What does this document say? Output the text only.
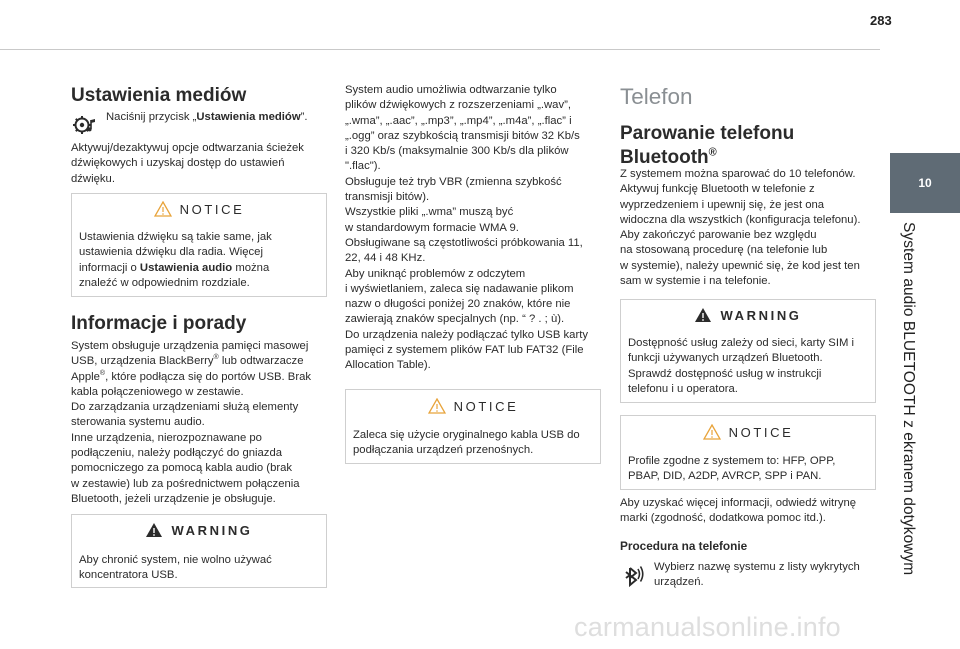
283
10
System audio BLUETOOTH z ekranem dotykowym
Ustawienia mediów

Naciśnij przycisk „Ustawienia mediów”.

Aktywuj/dezaktywuj opcje odtwarzania ścieżek
dźwiękowych i uzyskaj dostęp do ustawień
dźwięku.

NOTICE

Ustawienia dźwięku są takie same, jak
ustawienia dźwięku dla radia. Więcej
informacji o Ustawienia audio można
znaleźć w odpowiednim rozdziale.

Informacje i porady

System obsługuje urządzenia pamięci masowej
USB, urządzenia BlackBerry® lub odtwarzacze
Apple®, które podłącza się do portów USB. Brak
kabla połączeniowego w zestawie.
Do zarządzania urządzeniami służą elementy
sterowania systemu audio.
Inne urządzenia, nierozpoznawane po
podłączeniu, należy podłączyć do gniazda
pomocniczego za pomocą kabla audio (brak
w zestawie) lub za pośrednictwem połączenia
Bluetooth, jeżeli urządzenie je obsługuje.

WARNING

Aby chronić system, nie wolno używać
koncentratora USB.

System audio umożliwia odtwarzanie tylko
plików dźwiękowych z rozszerzeniami „.wav”,
„.wma”, „.aac”, „.mp3”, „.mp4”, „.m4a”, „.flac” i
„.ogg” oraz szybkością transmisji bitów 32 Kb/s
i 320 Kb/s (maksymalnie 300 Kb/s dla plików
".flac").
Obsługuje też tryb VBR (zmienna szybkość
transmisji bitów).
Wszystkie pliki „.wma” muszą być
w standardowym formacie WMA 9.
Obsługiwane są częstotliwości próbkowania 11,
22, 44 i 48 KHz.
Aby uniknąć problemów z odczytem
i wyświetlaniem, zaleca się nadawanie plikom
nazw o długości poniżej 20 znaków, które nie
zawierają znaków specjalnych (np. “ ? . ; ù).
Do urządzenia należy podłączać tylko USB karty
pamięci z systemem plików FAT lub FAT32 (File
Allocation Table).

NOTICE

Zaleca się użycie oryginalnego kabla USB do
podłączania urządzeń przenośnych.

Telefon
Parowanie telefonu
Bluetooth®

Z systemem można sparować do 10 telefonów.
Aktywuj funkcję Bluetooth w telefonie z
wyprzedzeniem i upewnij się, że jest ona
widoczna dla wszystkich (konfiguracja telefonu).
Aby zakończyć parowanie bez względu
na stosowaną procedurę (na telefonie lub
w systemie), należy upewnić się, że kod jest ten
sam w systemie i na telefonie.

WARNING

Dostępność usług zależy od sieci, karty SIM i
funkcji używanych urządzeń Bluetooth.
Sprawdź dostępność usług w instrukcji
telefonu i u operatora.

NOTICE

Profile zgodne z systemem to: HFP, OPP,
PBAP, DID, A2DP, AVRCP, SPP i PAN.

Aby uzyskać więcej informacji, odwiedź witrynę
marki (zgodność, dodatkowa pomoc itd.).

Procedura na telefonie

Wybierz nazwę systemu z listy wykrytych
urządzeń.

carmanualsonline.info
